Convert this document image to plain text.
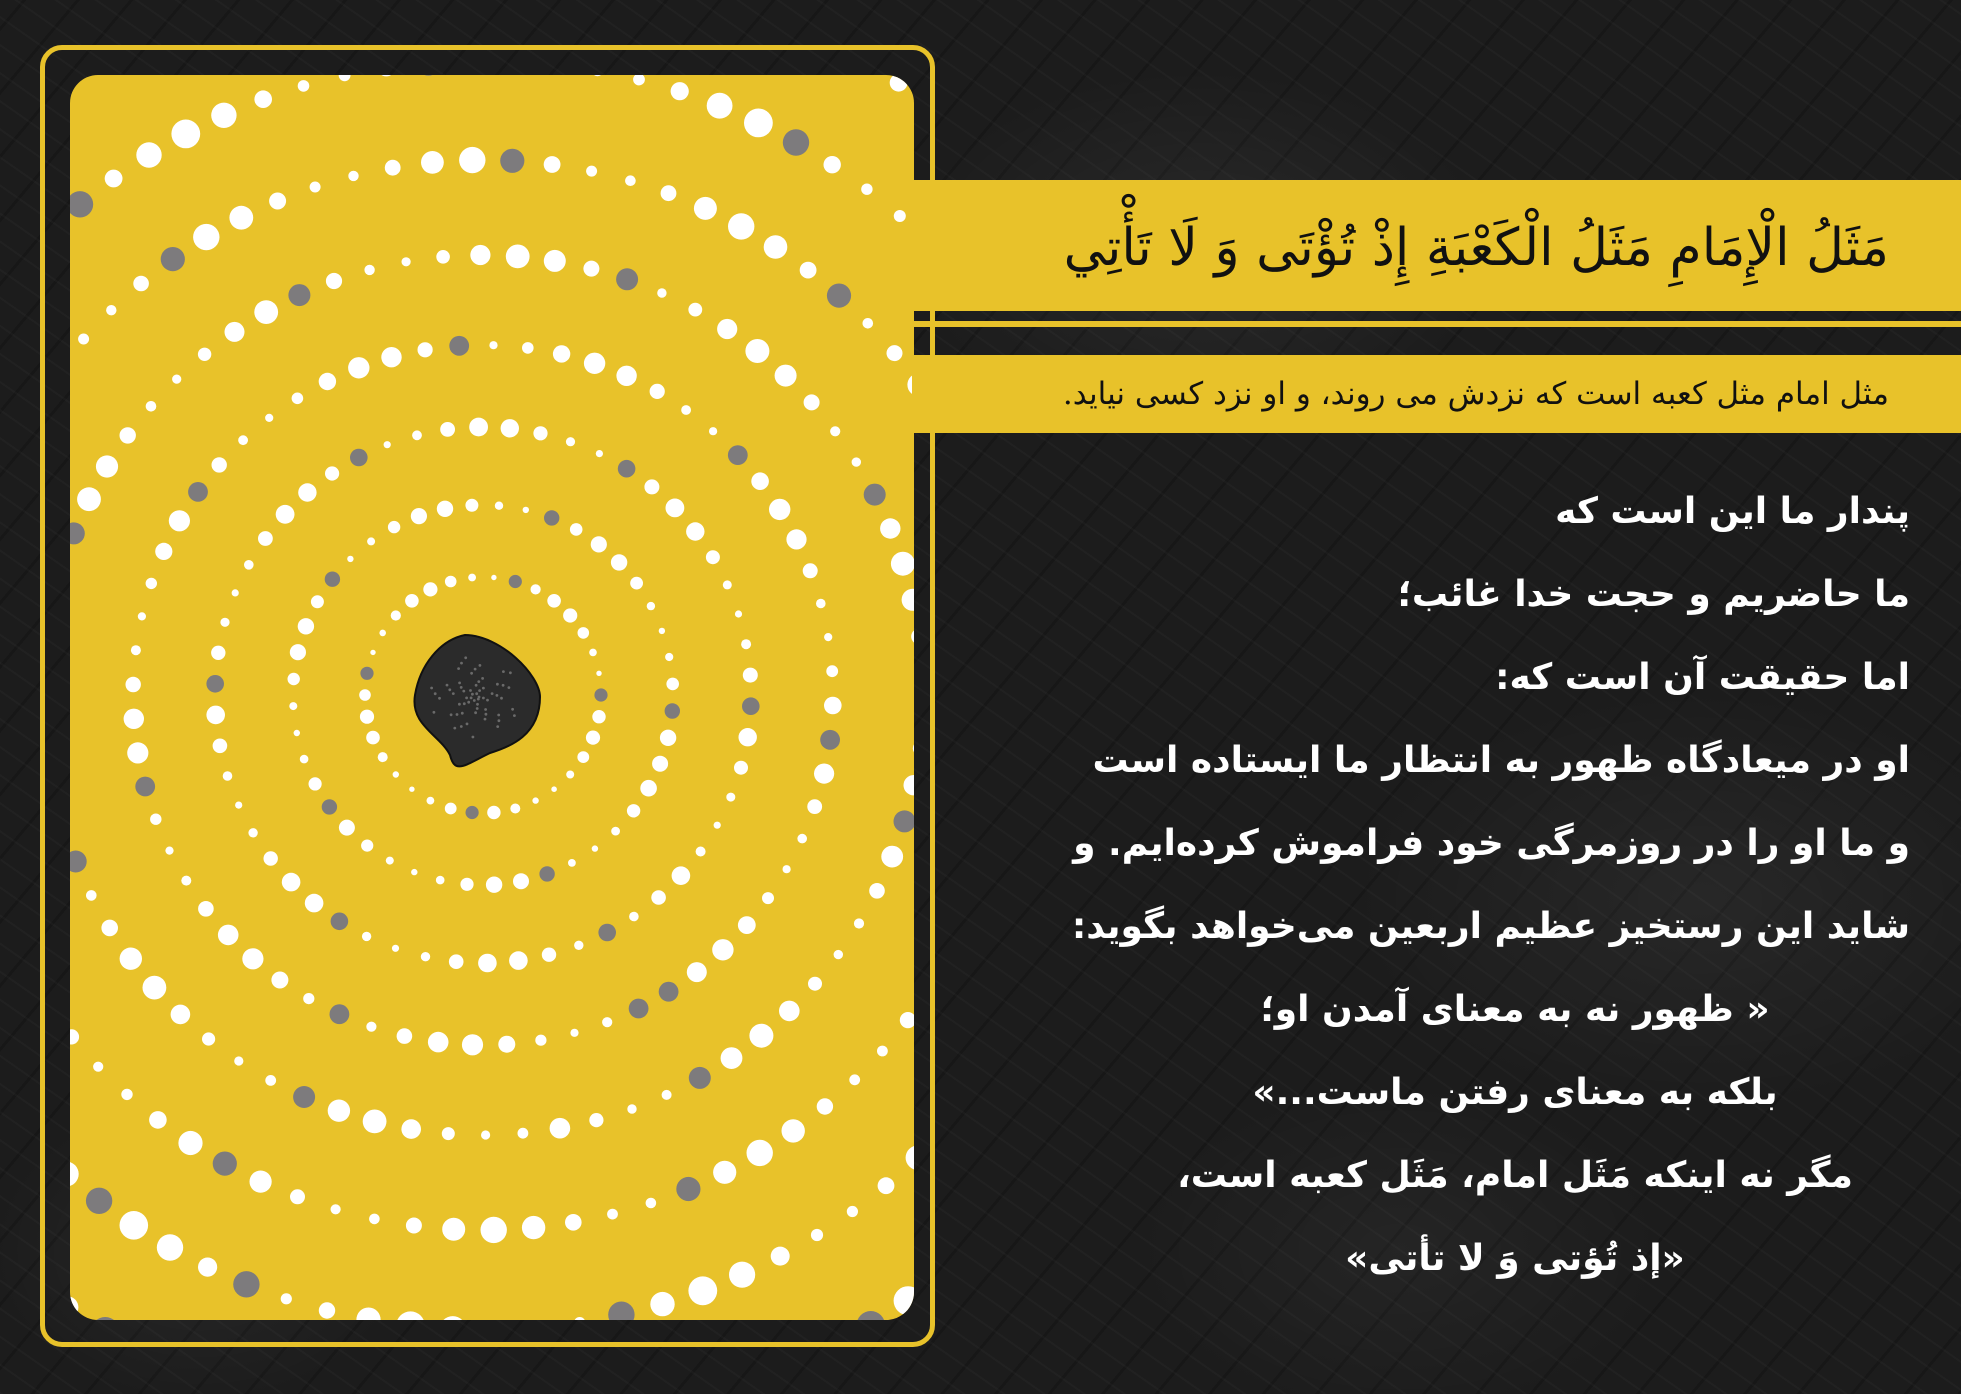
مَثَلُ الْإِمَامِ مَثَلُ الْكَعْبَةِ إِذْ تُؤْتَى وَ لَا تَأْتِي
مثل امام مثل کعبه است که نزدش می روند، و او نزد کسی نیاید.
پندار ما این است که
ما حاضریم و حجت خدا غائب؛
اما حقیقت آن است که:
او در میعادگاه ظهور به انتظار ما ایستاده است
و ما او را در روزمرگی خود فراموش کرده‌ایم. و
شاید این رستخیز عظیم اربعین می‌خواهد بگوید:
« ظهور نه به معنای آمدن او؛
بلکه به معنای رفتن ماست...»
مگر نه اینکه مَثَل امام، مَثَل کعبه است،
«إذ تُؤتی وَ لا تأتی»
